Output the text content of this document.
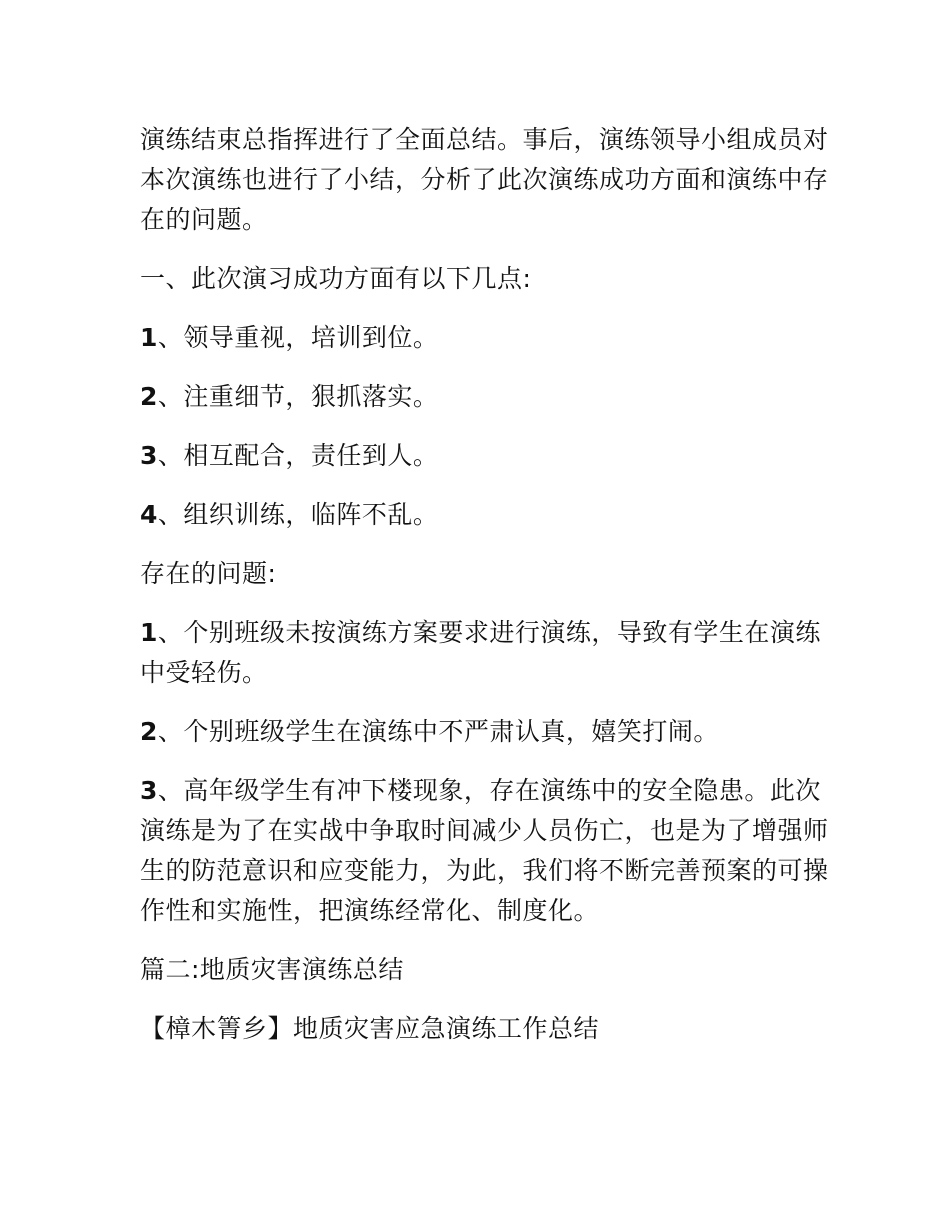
演练结束总指挥进行了全面总结。事后，演练领导小组成员对本次演练也进行了小结，分析了此次演练成功方面和演练中存在的问题。

一、此次演习成功方面有以下几点:

1、领导重视，培训到位。

2、注重细节，狠抓落实。

3、相互配合，责任到人。

4、组织训练，临阵不乱。

存在的问题:

1、个别班级未按演练方案要求进行演练，导致有学生在演练中受轻伤。

2、个别班级学生在演练中不严肃认真，嬉笑打闹。

3、高年级学生有冲下楼现象，存在演练中的安全隐患。此次演练是为了在实战中争取时间减少人员伤亡，也是为了增强师生的防范意识和应变能力，为此，我们将不断完善预案的可操作性和实施性，把演练经常化、制度化。

篇二:地质灾害演练总结

【樟木箐乡】地质灾害应急演练工作总结
